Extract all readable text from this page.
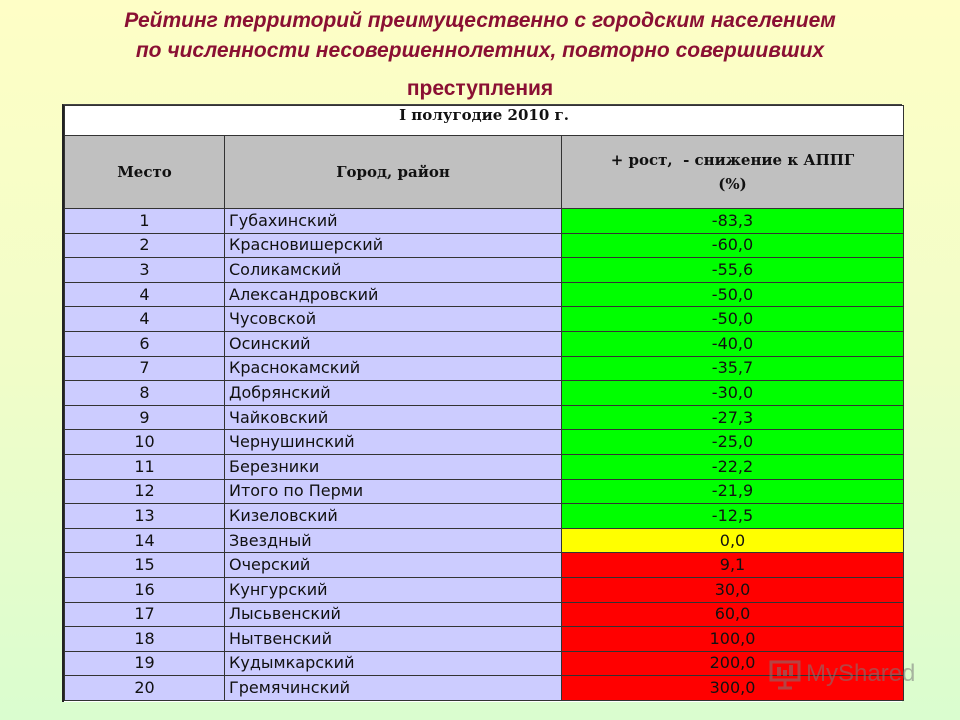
Рейтинг территорий преимущественно с городским населением
по численности несовершеннолетних, повторно совершивших
преступления
I полугодие 2010 г.		
Место	Город, район	+ рост,  - снижение к АППГ
(%)
1	Губахинский	-83,3
2	Красновишерский	-60,0
3	Соликамский	-55,6
4	Александровский	-50,0
4	Чусовской	-50,0
6	Осинский	-40,0
7	Краснокамский	-35,7
8	Добрянский	-30,0
9	Чайковский	-27,3
10	Чернушинский	-25,0
11	Березники	-22,2
12	Итого по Перми	-21,9
13	Кизеловский	-12,5
14	Звездный	0,0
15	Очерский	9,1
16	Кунгурский	30,0
17	Лысьвенский	60,0
18	Нытвенский	100,0
19	Кудымкарский	200,0
20	Гремячинский	300,0
MyShared
